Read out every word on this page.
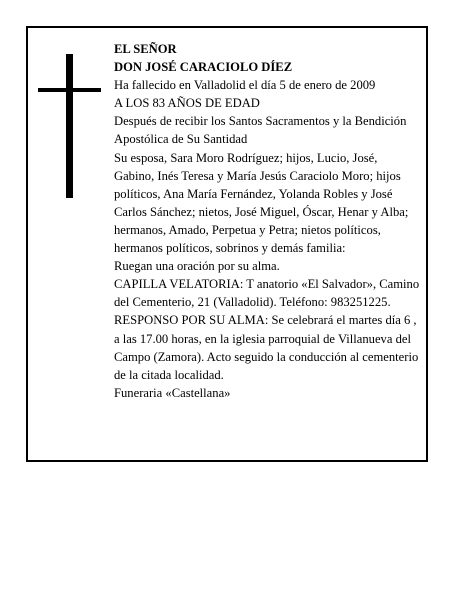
EL SEÑOR

DON JOSÉ CARACIOLO DÍEZ

Ha fallecido en Valladolid el día 5 de enero de 2009

A LOS 83 AÑOS DE EDAD

Después de recibir los Santos Sacramentos y la Bendición Apostólica de Su Santidad

Su esposa, Sara Moro Rodríguez; hijos, Lucio, José, Gabino, Inés Teresa y María Jesús Caraciolo Moro; hijos políticos, Ana María Fernández, Yolanda Robles y José Carlos Sánchez; nietos, José Miguel, Óscar, Henar y Alba; hermanos, Amado, Perpetua y Petra; nietos políticos, hermanos políticos, sobrinos y demás familia:

Ruegan una oración por su alma.

CAPILLA VELATORIA: T anatorio «El Salvador», Camino del Cementerio, 21 (Valladolid). Teléfono: 983251225.

RESPONSO POR SU ALMA: Se celebrará el martes día 6 , a las 17.00 horas, en la iglesia parroquial de Villanueva del Campo (Zamora). Acto seguido la conducción al cementerio de la citada localidad.

Funeraria «Castellana»
